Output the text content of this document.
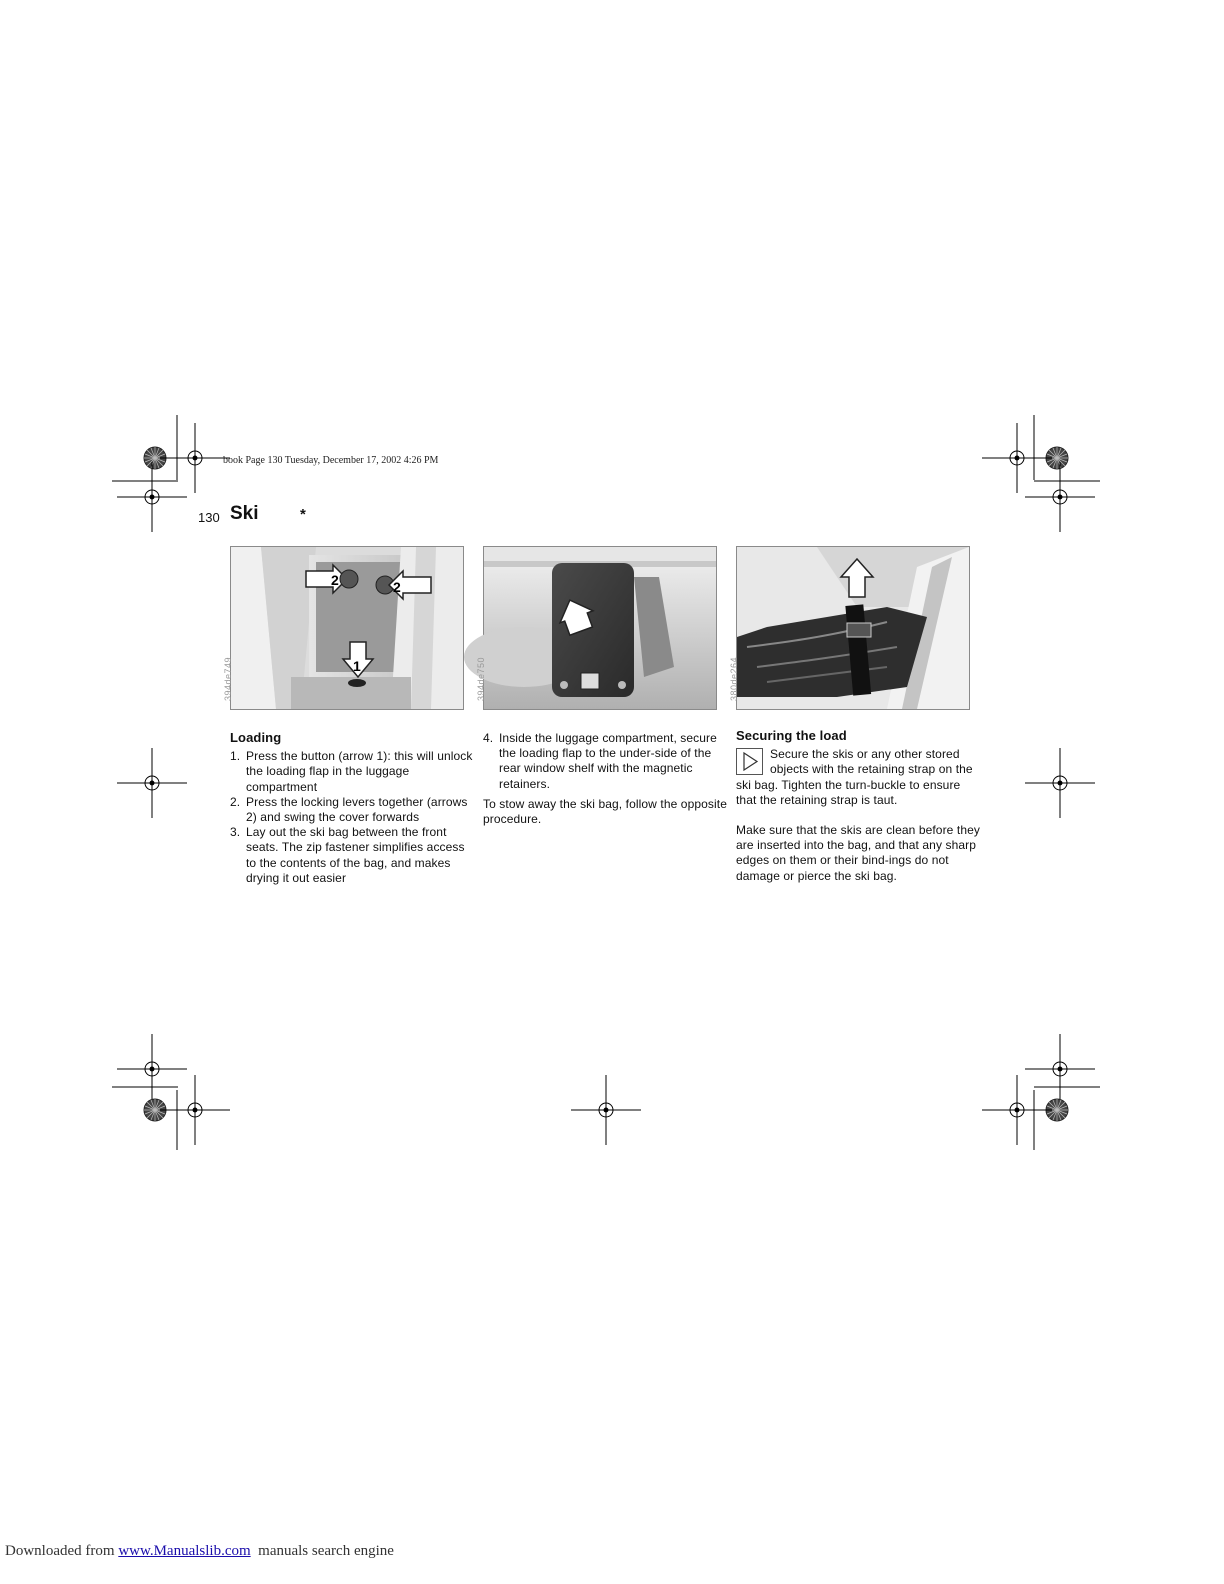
book Page 130 Tuesday, December 17, 2002 4:26 PM
130 Ski	*
2	2
1
394de749	394de750	380de264
Loading
1. Press the button (arrow 1): this will unlock the loading flap in the luggage compartment
2. Press the locking levers together (arrows 2) and swing the cover forwards
3. Lay out the ski bag between the front seats. The zip fastener simplifies access to the contents of the bag, and makes drying it out easier
4. Inside the luggage compartment, secure the loading flap to the under-side of the rear window shelf with the magnetic retainers.

To stow away the ski bag, follow the opposite procedure.

Securing the load

Secure the skis or any other stored objects with the retaining strap on the ski bag. Tighten the turn-buckle to ensure that the retaining strap is taut.

Make sure that the skis are clean before they are inserted into the bag, and that any sharp edges on them or their bind-ings do not damage or pierce the ski bag.

Downloaded from www.Manualslib.com  manuals search engine
